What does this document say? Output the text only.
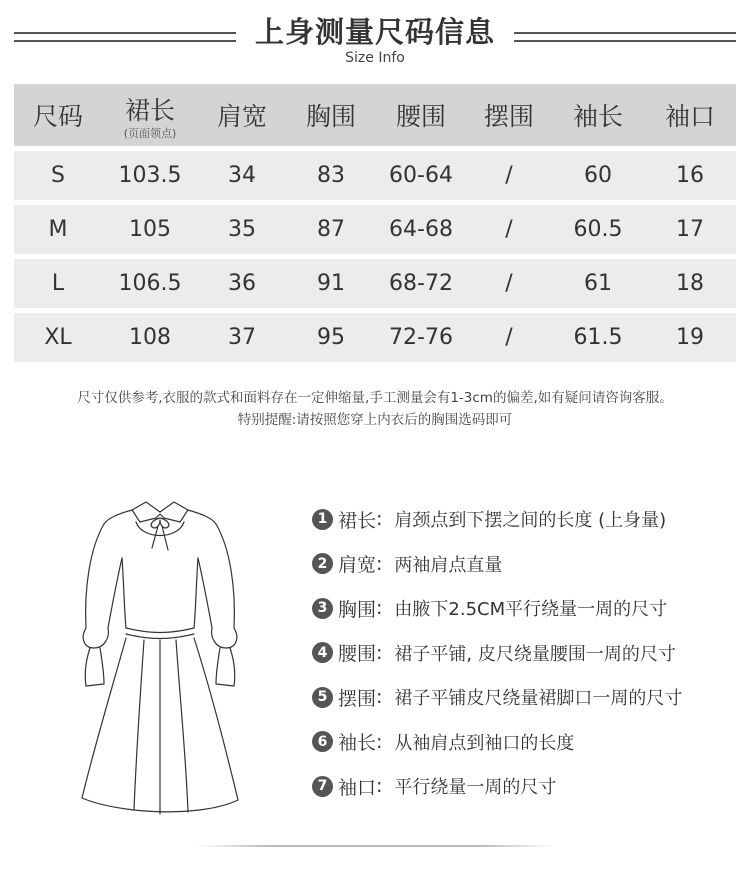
上身测量尺码信息
Size Info
尺码 裙长
(页面领点)
肩宽 胸围 腰围 摆围 袖长 袖口
S	103.5	34	83	60-64	/	60	16
M	105	35	87	64-68	/	60.5	17
L	106.5	36	91	68-72	/	61	18
XL	108	37	95	72-76	/	61.5	19
尺寸仅供参考,衣服的款式和面料存在一定伸缩量,手工测量会有1-3cm的偏差,如有疑问请咨询客服。
特别提醒:请按照您穿上内衣后的胸围选码即可
1 裙长 : 肩颈点到下摆之间的长度 (上身量)
2 肩宽 : 两袖肩点直量
3 胸围 : 由腋下2.5CM平行绕量一周的尺寸
4 腰围 : 裙子平铺, 皮尺绕量腰围一周的尺寸
5 摆围 : 裙子平铺皮尺绕量裙脚口一周的尺寸
6 袖长 : 从袖肩点到袖口的长度
7 袖口 : 平行绕量一周的尺寸
